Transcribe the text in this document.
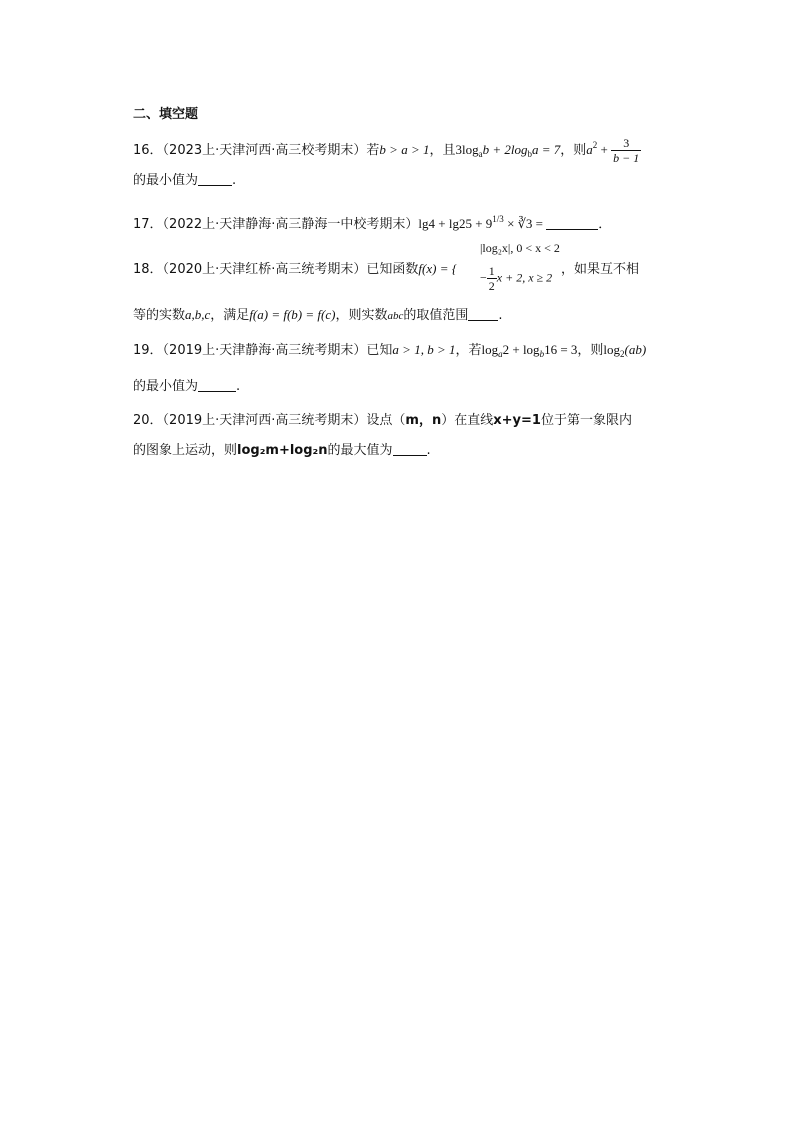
二、填空题
16．（2023上·天津河西·高三校考期末）若b > a > 1，且$3\log_ab + 2\log_ba = 7$，则$a^2 + \frac{3}{b - 1}$
的最小值为	.
17．（2022上·天津静海·高三静海一中校考期末）$\lg 4 + \lg 25 + 9^{1/3}$ × ∛3 =	．
|log₂x|, 0 < x < 2
− $\frac{1}{2}$ x + 2, x ≥ 2
18．（2020上·天津红桥·高三统考期末）已知函数f(x) = {	，如果互不相
等的实数a,b,c，满足f(a) = f(b) = f(c)，则实数abc的取值范围 .
19．（2019上·天津静海·高三统考期末）已知a > 1, b > 1，若$\log_a2 + \log_b16 = 3$，则$\log_2(ab)$
的最小值为	.
20．（2019上·天津河西·高三统考期末）设点（m，n）在直线x+y=1位于第一象限内
的图象上运动，则log₂m+log₂n的最大值为	.
